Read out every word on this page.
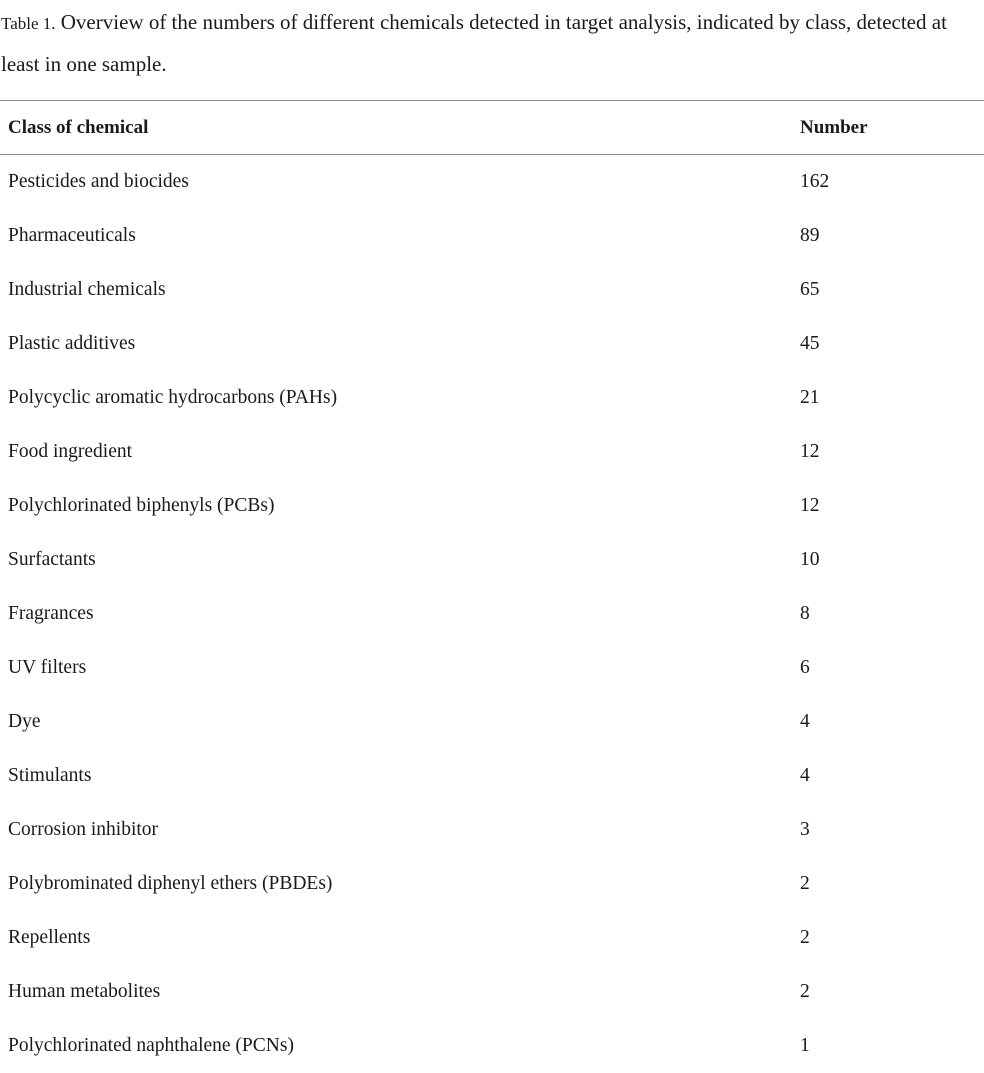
Table 1. Overview of the numbers of different chemicals detected in target analysis, indicated by class, detected at least in one sample.
Class of chemical	Number
Pesticides and biocides	162
Pharmaceuticals	89
Industrial chemicals	65
Plastic additives	45
Polycyclic aromatic hydrocarbons (PAHs)	21
Food ingredient	12
Polychlorinated biphenyls (PCBs)	12
Surfactants	10
Fragrances	8
UV filters	6
Dye	4
Stimulants	4
Corrosion inhibitor	3
Polybrominated diphenyl ethers (PBDEs)	2
Repellents	2
Human metabolites	2
Polychlorinated naphthalene (PCNs)	1
